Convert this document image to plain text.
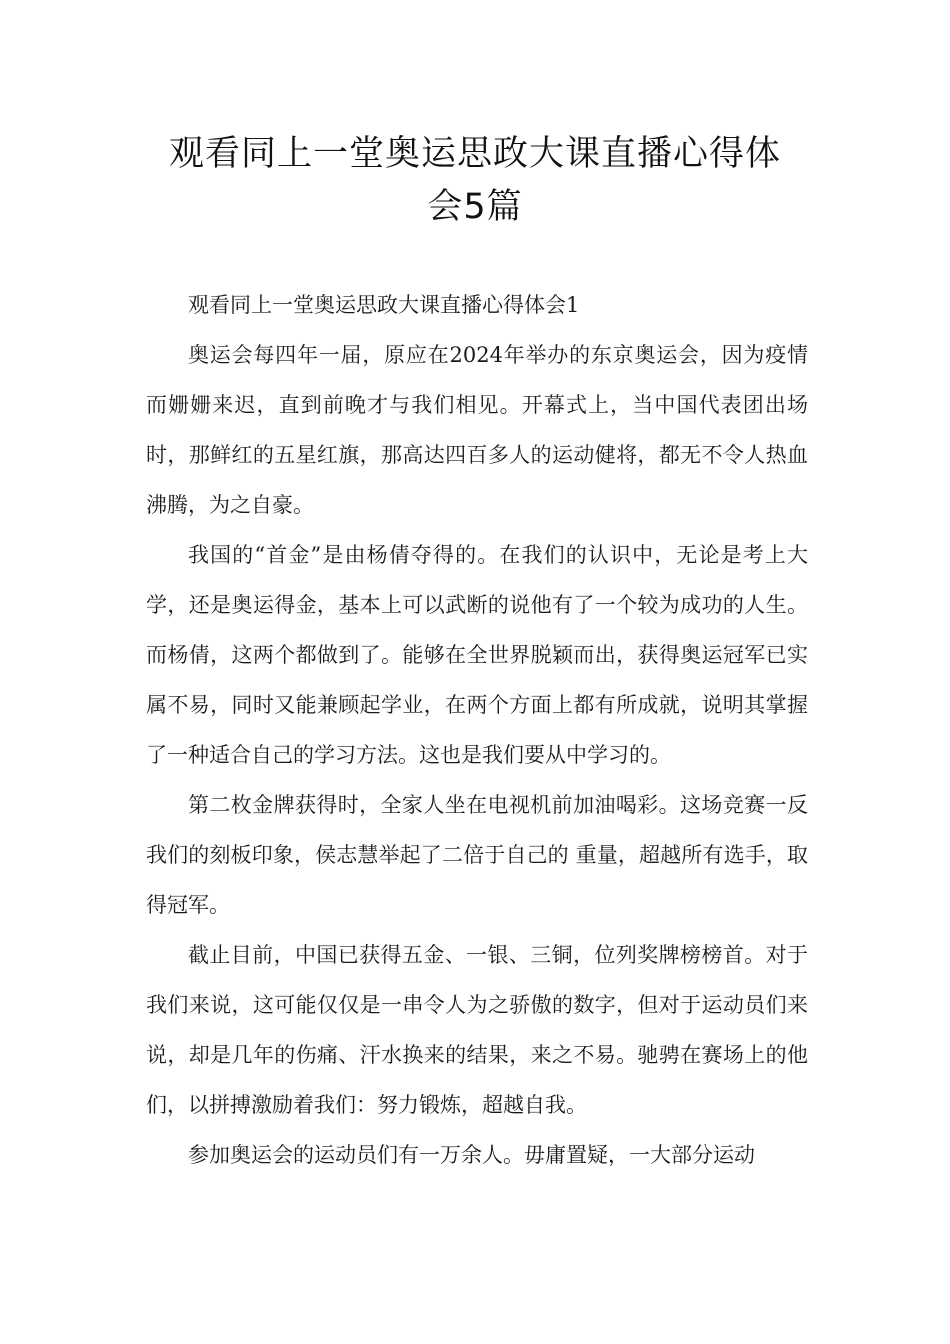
观看同上一堂奥运思政大课直播心得体
会5篇

观看同上一堂奥运思政大课直播心得体会1

奥运会每四年一届，原应在2024年举办的东京奥运会，因为疫情而姗姗来迟，直到前晚才与我们相见。开幕式上，当中国代表团出场时，那鲜红的五星红旗，那高达四百多人的运动健将，都无不令人热血沸腾，为之自豪。

我国的“首金”是由杨倩夺得的。在我们的认识中，无论是考上大学，还是奥运得金，基本上可以武断的说他有了一个较为成功的人生。而杨倩，这两个都做到了。能够在全世界脱颖而出，获得奥运冠军已实属不易，同时又能兼顾起学业，在两个方面上都有所成就，说明其掌握了一种适合自己的学习方法。这也是我们要从中学习的。

第二枚金牌获得时，全家人坐在电视机前加油喝彩。这场竞赛一反我们的刻板印象，侯志慧举起了二倍于自己的 重量，超越所有选手，取得冠军。

截止目前，中国已获得五金、一银、三铜，位列奖牌榜榜首。对于我们来说，这可能仅仅是一串令人为之骄傲的数字，但对于运动员们来说，却是几年的伤痛、汗水换来的结果，来之不易。驰骋在赛场上的他们，以拼搏激励着我们：努力锻炼，超越自我。

参加奥运会的运动员们有一万余人。毋庸置疑，一大部分运动
